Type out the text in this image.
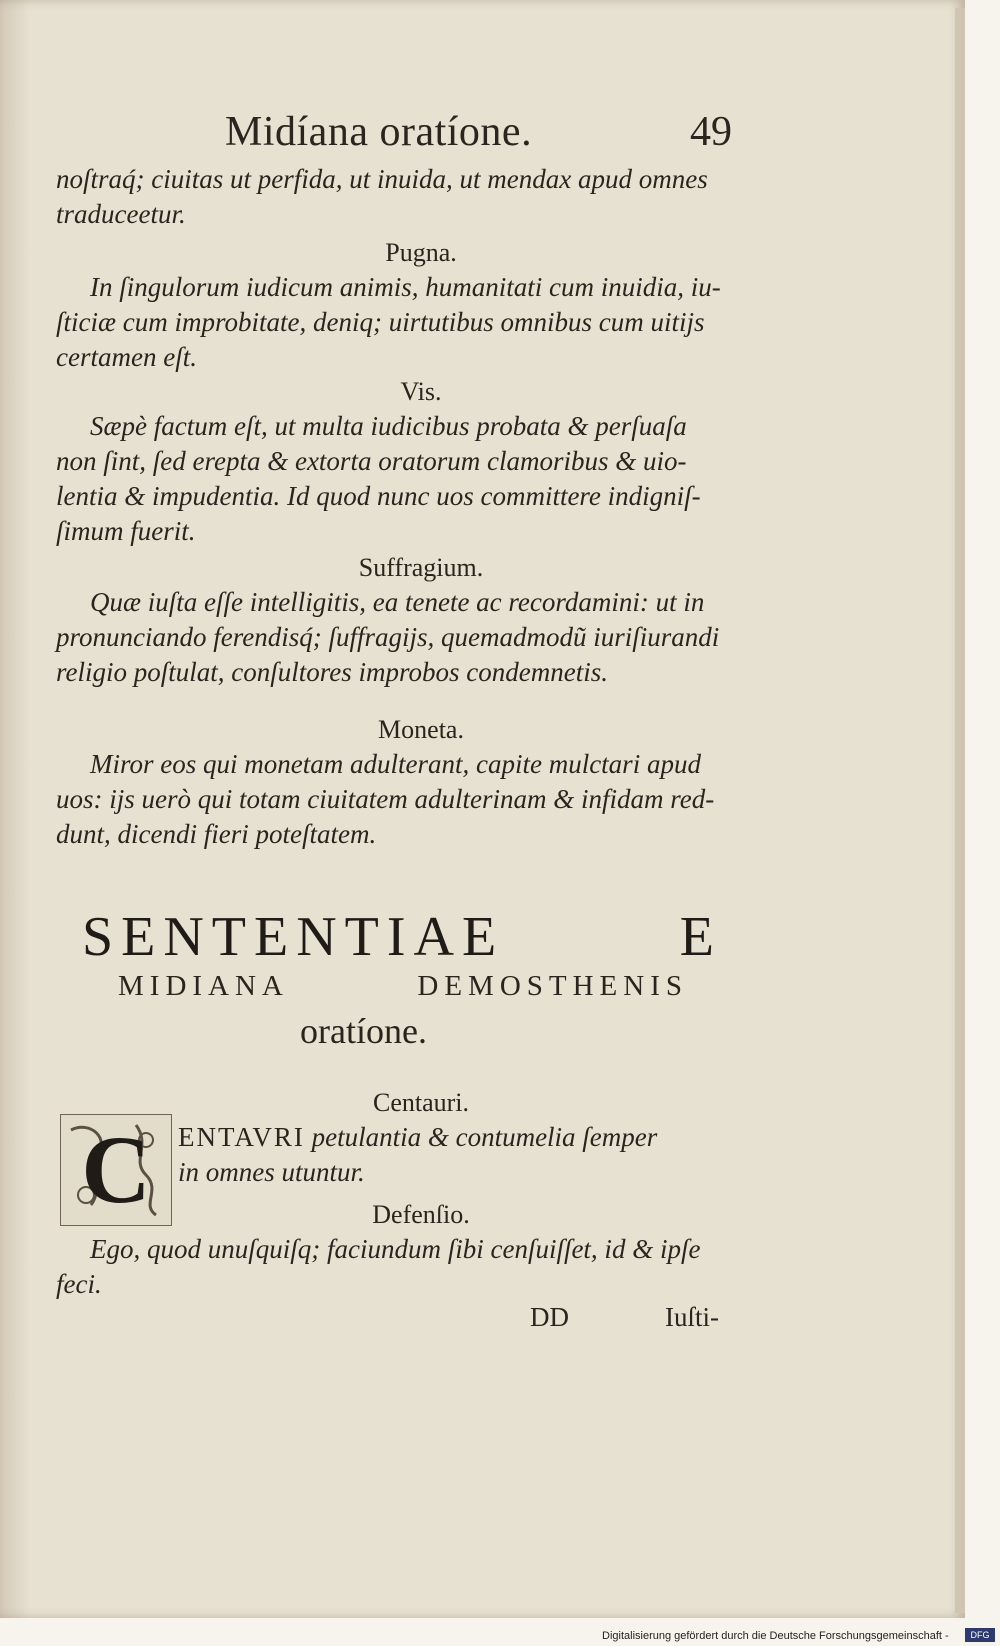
Midíana oratíone.	49

noſtraq́; ciuitas ut perfida, ut inuida, ut mendax apud omnes

traduceetur.

Pugna.

In ſingulorum iudicum animis, humanitati cum inuidia, iu-

ſticiæ cum improbitate, deniq; uirtutibus omnibus cum uitijs

certamen eſt.

Vis.

Sæpè factum eſt, ut multa iudicibus probata & perſuaſa

non ſint, ſed erepta & extorta oratorum clamoribus & uio-

lentia & impudentia. Id quod nunc uos committere indigniſ-

ſimum fuerit.

Suffragium.

Quæ iuſta eſſe intelligitis, ea tenete ac recordamini: ut in

pronunciando ferendisq́; ſuffragijs, quemadmodũ iuriſiurandi

religio poſtulat, conſultores improbos condemnetis.

Moneta.

Miror eos qui monetam adulterant, capite mulctari apud

uos: ijs uerò qui totam ciuitatem adulterinam & infidam red-

dunt, dicendi fieri poteſtatem.

SENTENTIAE	E
MIDIANA	DEMOSTHENIS
oratíone.

Centauri.

C	ENTAVRI petulantia & contumelia ſemper

in omnes utuntur.

Defenſio.

Ego, quod unuſquiſq; faciundum ſibi cenſuiſſet, id & ipſe

feci.

DD	Iuſti-
Digitalisierung gefördert durch die Deutsche Forschungsgemeinschaft -	DFG
